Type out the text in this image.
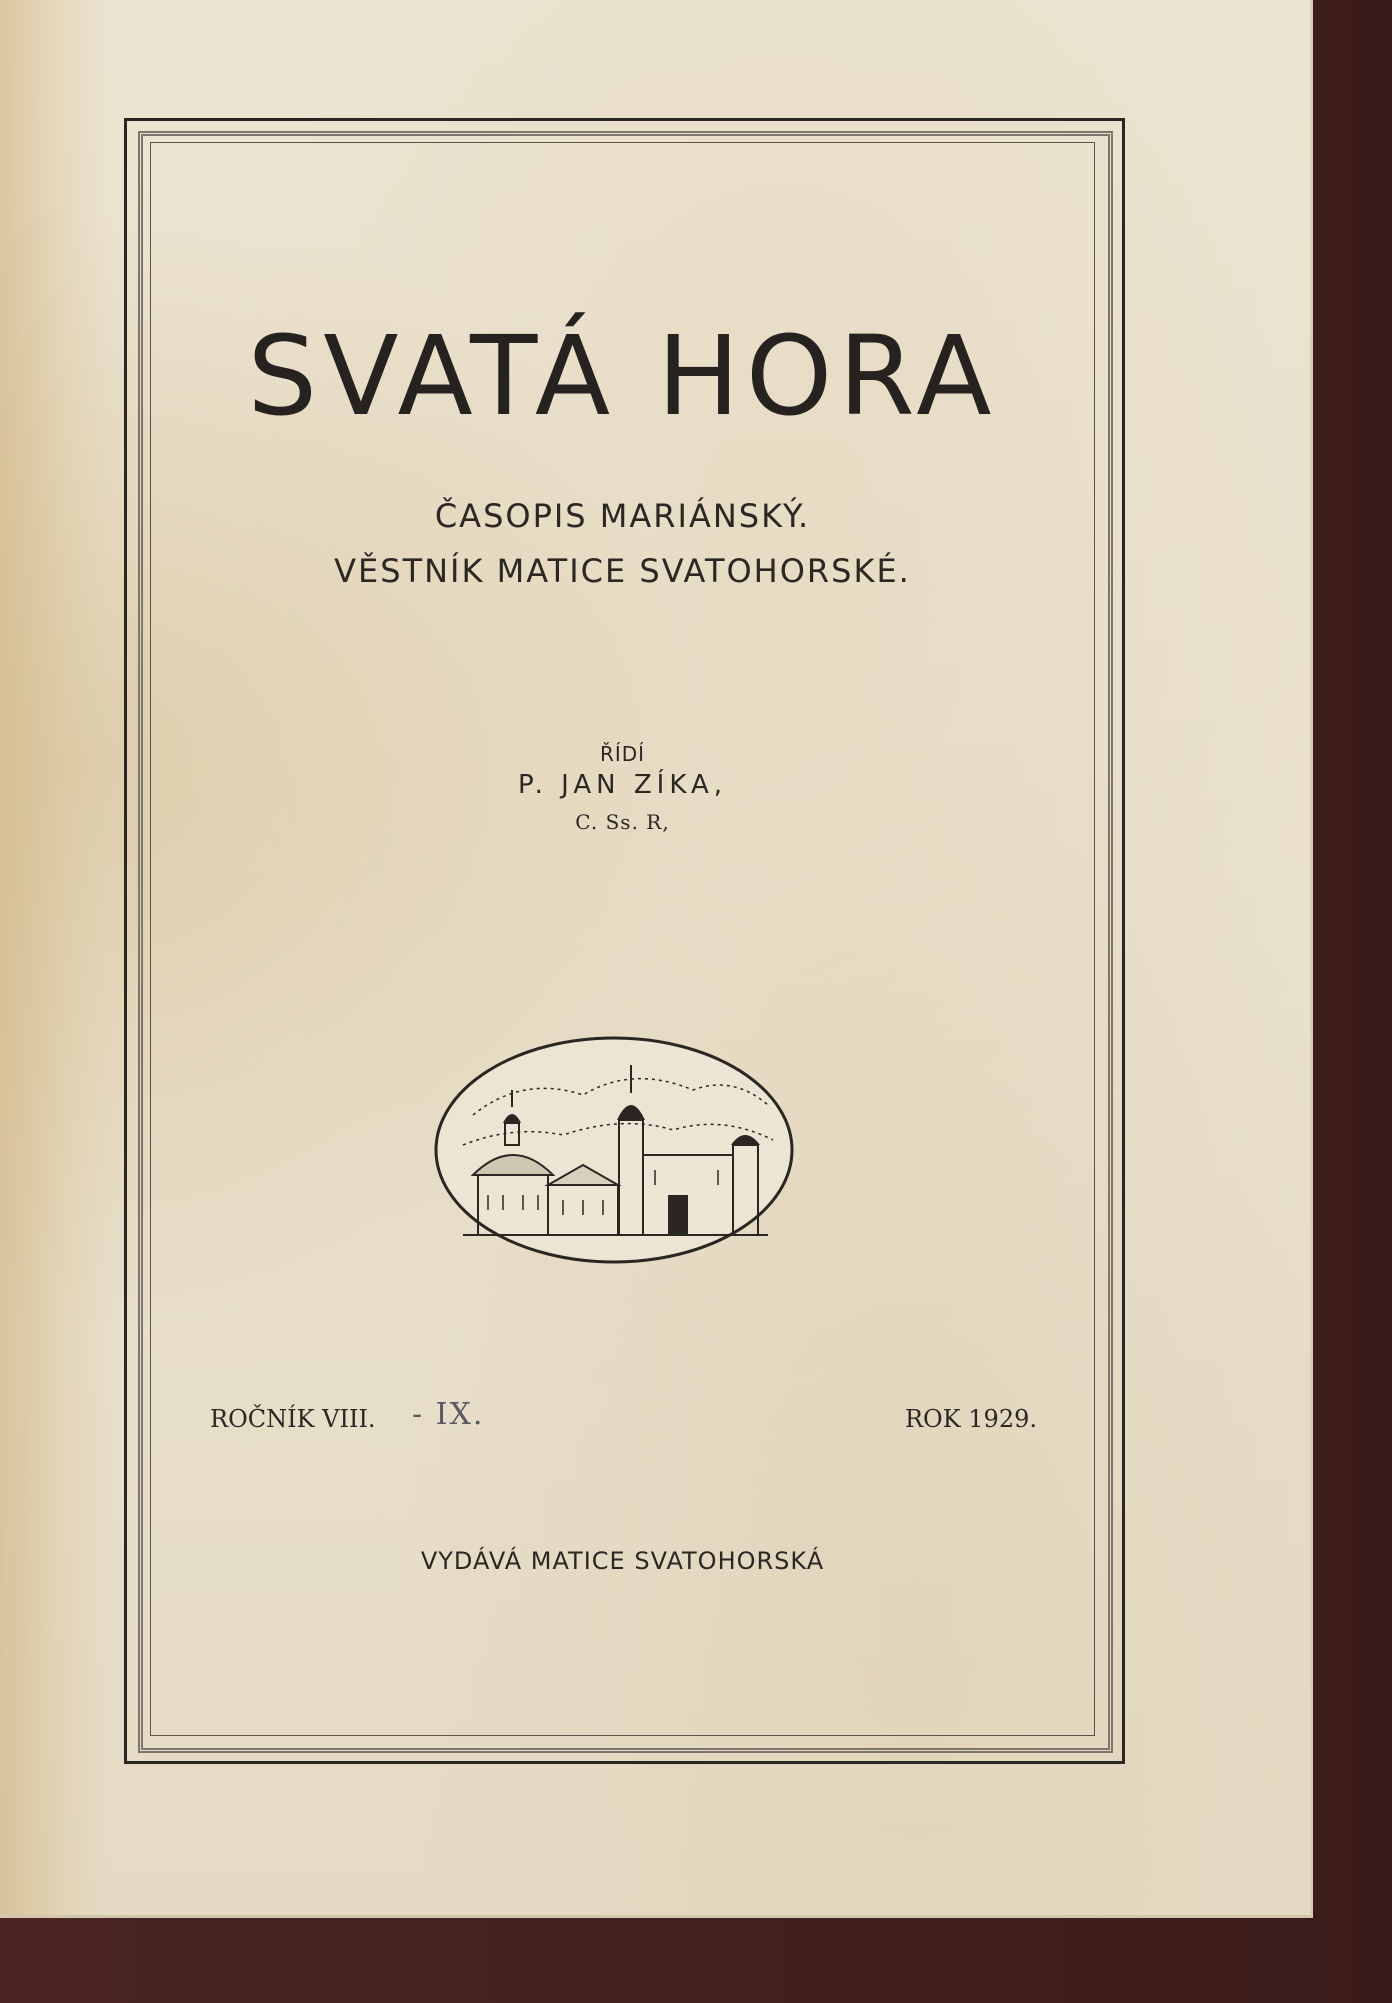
SVATÁ HORA
ČASOPIS MARIÁNSKÝ.
VĚSTNÍK MATICE SVATOHORSKÉ.
ŘÍDÍ
P. JAN ZÍKA,
C. Ss. R,
ROČNÍK VIII. - IX.	ROK 1929.
VYDÁVÁ MATICE SVATOHORSKÁ
